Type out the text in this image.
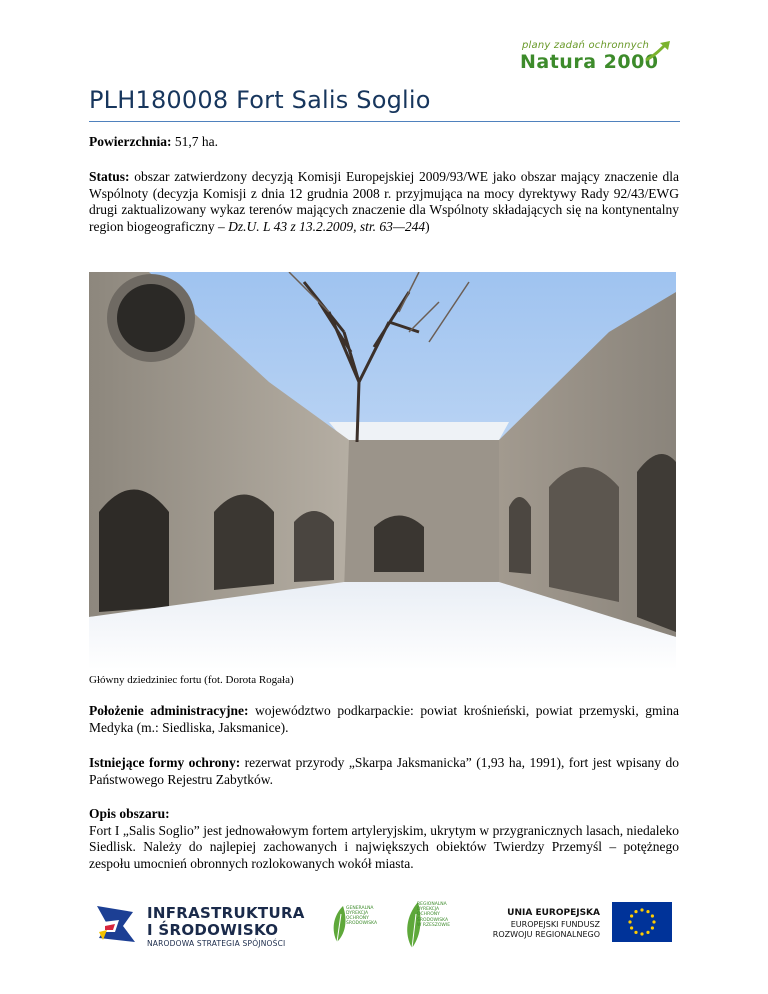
plany zadań ochronnych
Natura 2000
PLH180008 Fort Salis Soglio

Powierzchnia: 51,7 ha.

Status: obszar zatwierdzony decyzją Komisji Europejskiej 2009/93/WE jako obszar mający znaczenie dla Wspólnoty (decyzja Komisji z dnia 12 grudnia 2008 r. przyjmująca na mocy dyrektywy Rady 92/43/EWG drugi zaktualizowany wykaz terenów mających znaczenie dla Wspólnoty składających się na kontynentalny region biogeograficzny – Dz.U. L 43 z 13.2.2009, str. 63—244)

Główny dziedziniec fortu (fot. Dorota Rogała)

Położenie administracyjne: województwo podkarpackie: powiat krośnieński, powiat przemyski, gmina Medyka (m.: Siedliska, Jaksmanice).

Istniejące formy ochrony: rezerwat przyrody „Skarpa Jaksmanicka” (1,93 ha, 1991), fort jest wpisany do Państwowego Rejestru Zabytków.

Opis obszaru:
Fort I „Salis Soglio” jest jednowałowym fortem artyleryjskim, ukrytym w przygranicznych lasach, niedaleko Siedlisk. Należy do najlepiej zachowanych i największych obiektów Twierdzy Przemyśl – potężnego zespołu umocnień obronnych rozlokowanych wokół miasta.
INFRASTRUKTURA
I ŚRODOWISKO
NARODOWA STRATEGIA SPÓJNOŚCI
GENERALNA DYREKCJA OCHRONY ŚRODOWISKA
REGIONALNA DYREKCJA OCHRONY ŚRODOWISKA W RZESZOWIE
UNIA EUROPEJSKA
EUROPEJSKI FUNDUSZ
ROZWOJU REGIONALNEGO
